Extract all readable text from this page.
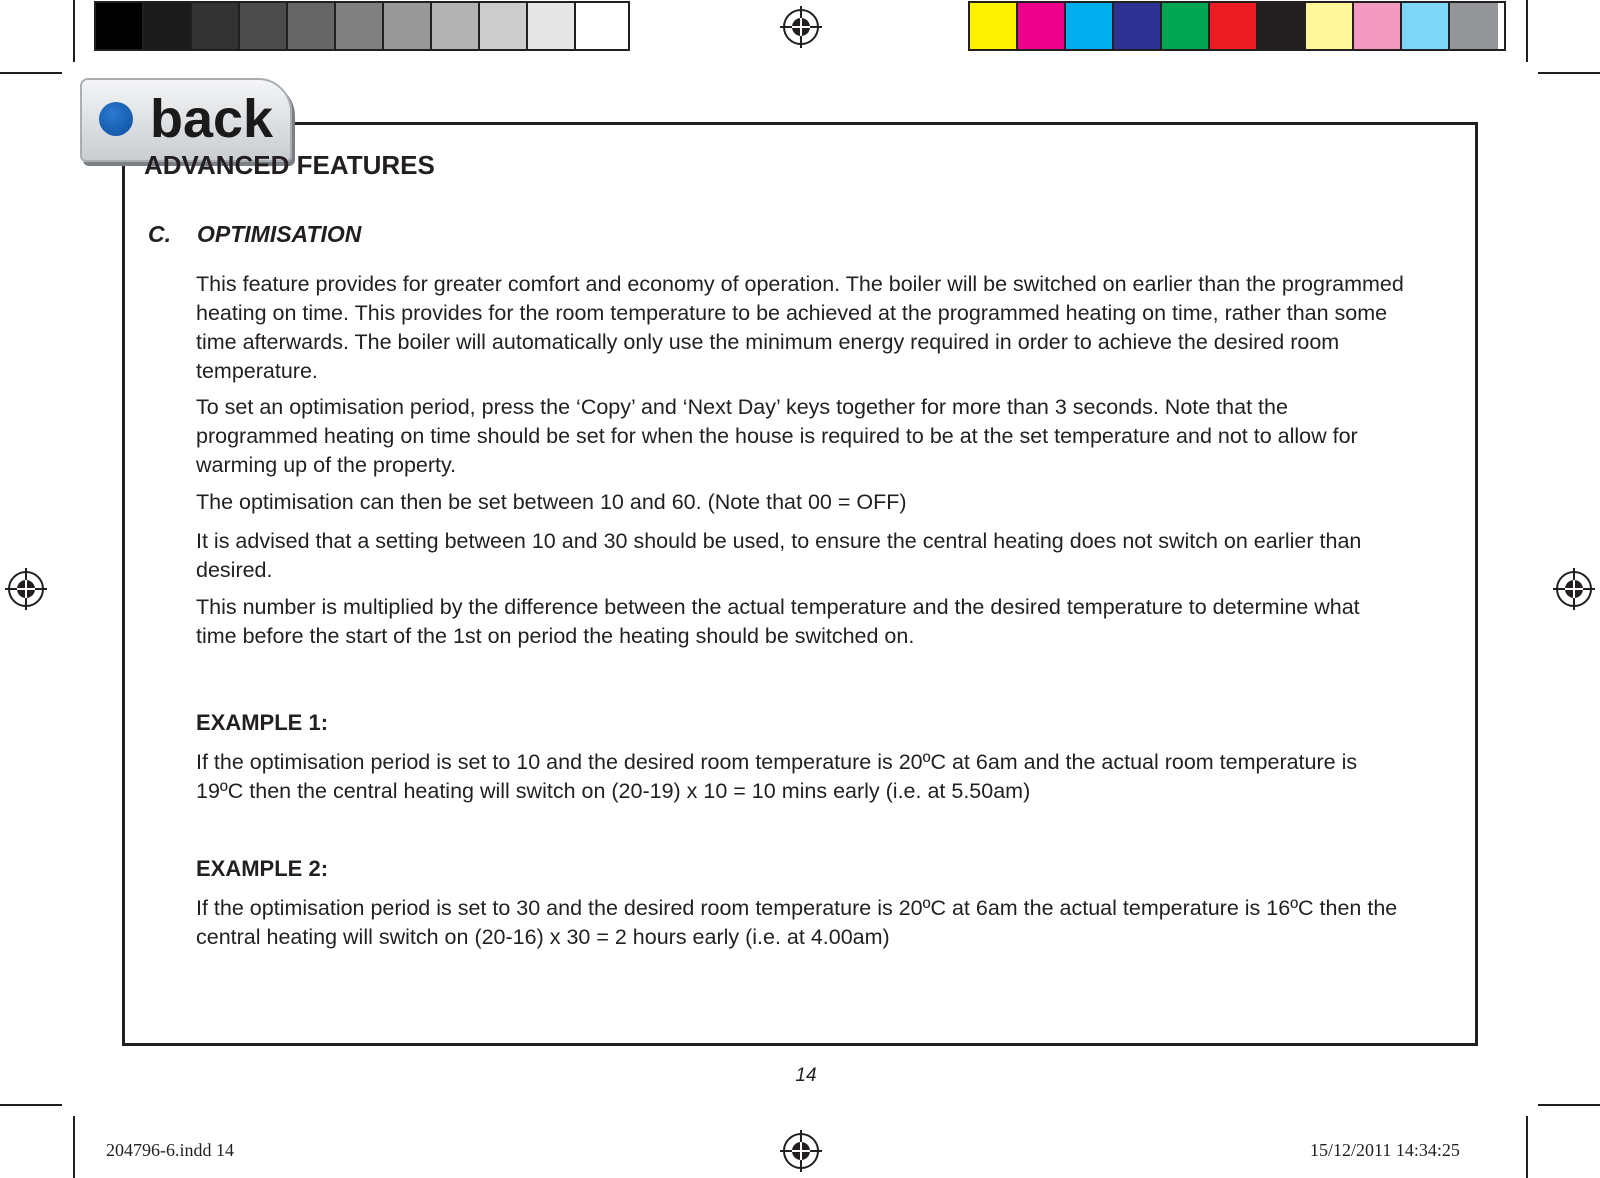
back
ADVANCED FEATURES
C. OPTIMISATION
This feature provides for greater comfort and economy of operation. The boiler will be switched on earlier than the programmed heating on time. This provides for the room temperature to be achieved at the programmed heating on time, rather than some time afterwards. The boiler will automatically only use the minimum energy required in order to achieve the desired room temperature.
To set an optimisation period, press the ‘Copy’ and ‘Next Day’ keys together for more than 3 seconds. Note that the programmed heating on time should be set for when the house is required to be at the set temperature and not to allow for warming up of the property.
The optimisation can then be set between 10 and 60. (Note that 00 = OFF)
It is advised that a setting between 10 and 30 should be used, to ensure the central heating does not switch on earlier than desired.
This number is multiplied by the difference between the actual temperature and the desired temperature to determine what time before the start of the 1st on period the heating should be switched on.
EXAMPLE 1:
If the optimisation period is set to 10 and the desired room temperature is 20ºC at 6am and the actual room temperature is 19ºC then the central heating will switch on (20-19) x 10 = 10 mins early (i.e. at 5.50am)
EXAMPLE 2:
If the optimisation period is set to 30 and the desired room temperature is 20ºC at 6am the actual temperature is 16ºC then the central heating will switch on (20-16) x 30 = 2 hours early (i.e. at 4.00am)
14
204796-6.indd 14	15/12/2011 14:34:25
